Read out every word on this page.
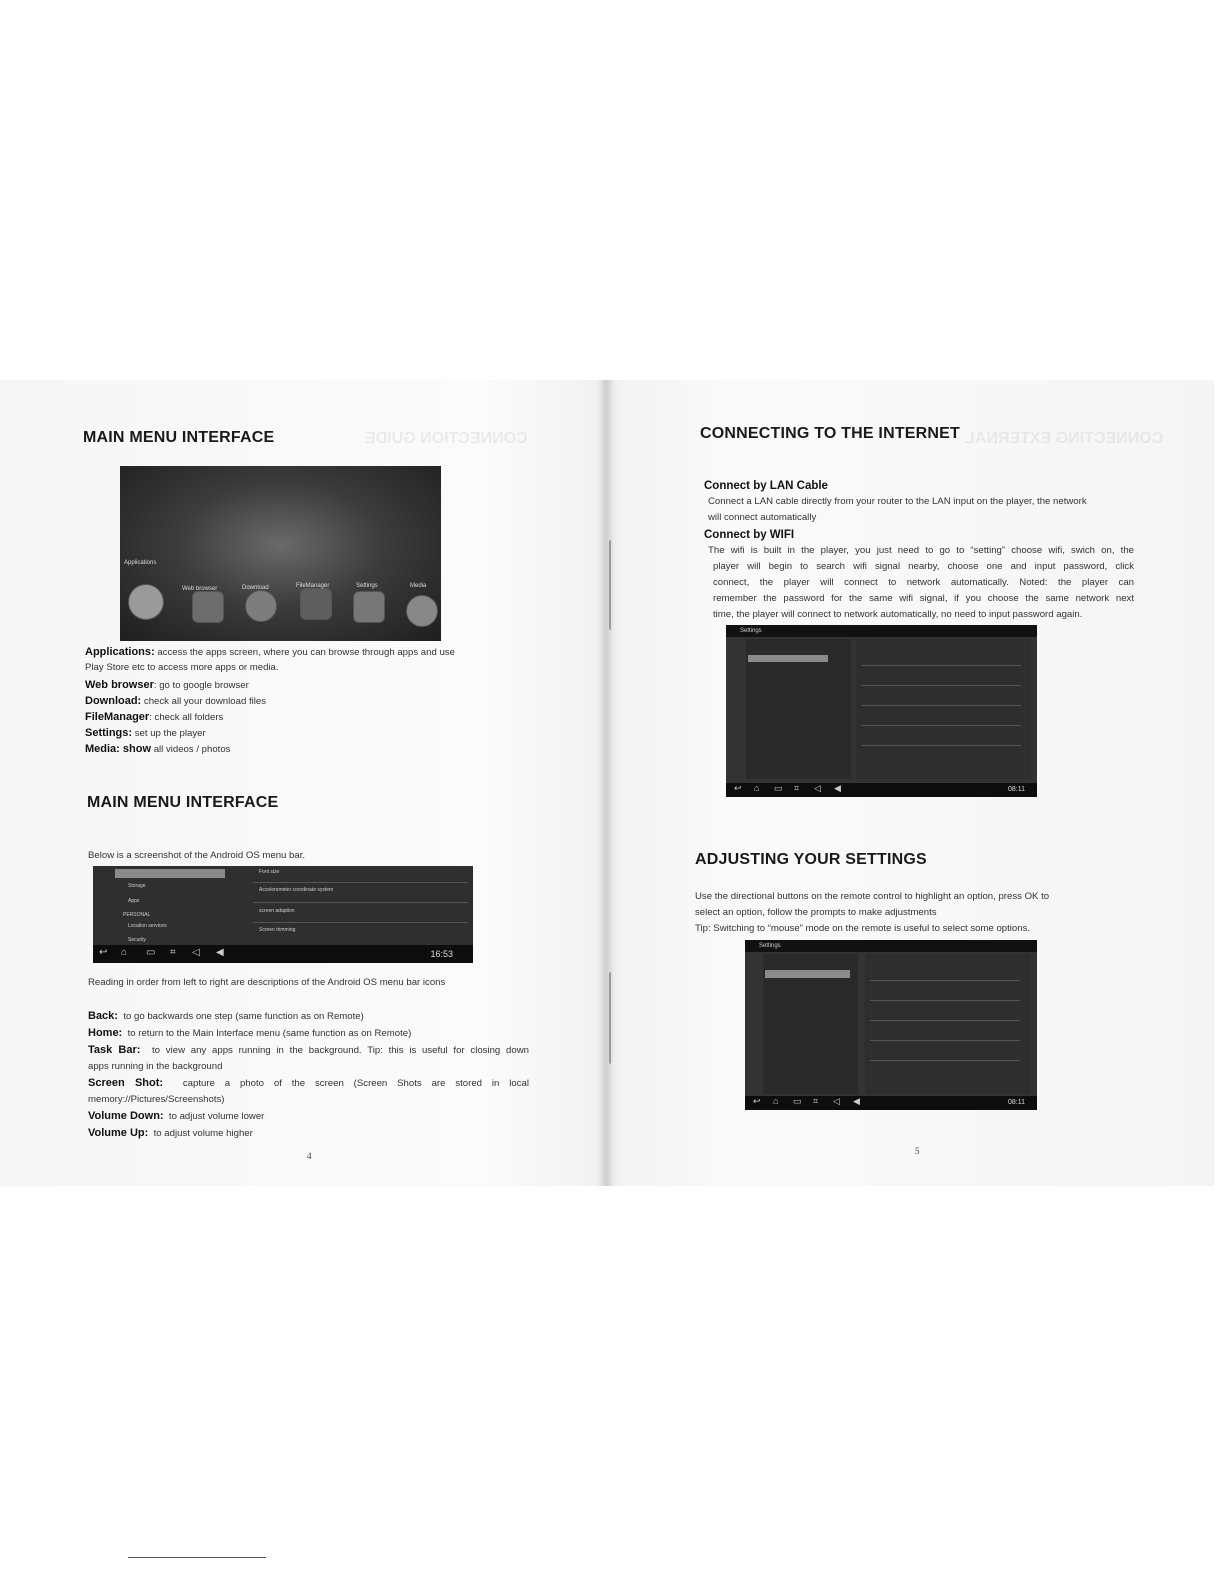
CONNECTION GUIDE	CONNECTING EXTERNAL
MAIN MENU INTERFACE
Applications
Web browser	Download	FileManager	Settings	Media
Applications: access the apps screen, where you can browse through apps and use
Play Store etc to access more apps or media.
Web browser: go to google browser
Download: check all your download files
FileManager: check all folders
Settings: set up the player
Media: show all videos / photos
MAIN MENU INTERFACE
Below is a screenshot of the Android OS menu bar.
Storage
Apps
PERSONAL
Location services
Security
Font size
Accelerometer coordinate system
screen adaption
Screen trimming
↩ ⌂ ▭ ⌗ ◁ ◀	16:53
Reading in order from left to right are descriptions of the Android OS menu bar icons
Back: to go backwards one step (same function as on Remote)
Home: to return to the Main Interface menu (same function as on Remote)
Task Bar: to view any apps running in the background. Tip: this is useful for closing down
apps running in the background
Screen Shot: capture a photo of the screen (Screen Shots are stored in local
memory://Pictures/Screenshots)
Volume Down: to adjust volume lower
Volume Up: to adjust volume higher
4
CONNECTING TO THE INTERNET
Connect by LAN Cable
Connect a LAN cable directly from your router to the LAN input on the player, the network
will connect automatically
Connect by WIFI
The wifi is built in the player, you just need to go to “setting” choose wifi, swich on, the
player will begin to search wifi signal nearby, choose one and input password, click
connect, the player will connect to network automatically. Noted: the player can
remember the password for the same wifi signal, if you choose the same network next
time, the player will connect to network automatically, no need to input password again.
Settings
↩ ⌂ ▭ ⌗ ◁ ◀	08:11
ADJUSTING YOUR SETTINGS
Use the directional buttons on the remote control to highlight an option, press OK to
select an option, follow the prompts to make adjustments
Tip: Switching to “mouse” mode on the remote is useful to select some options.
Settings
↩ ⌂ ▭ ⌗ ◁ ◀	08:11
5
